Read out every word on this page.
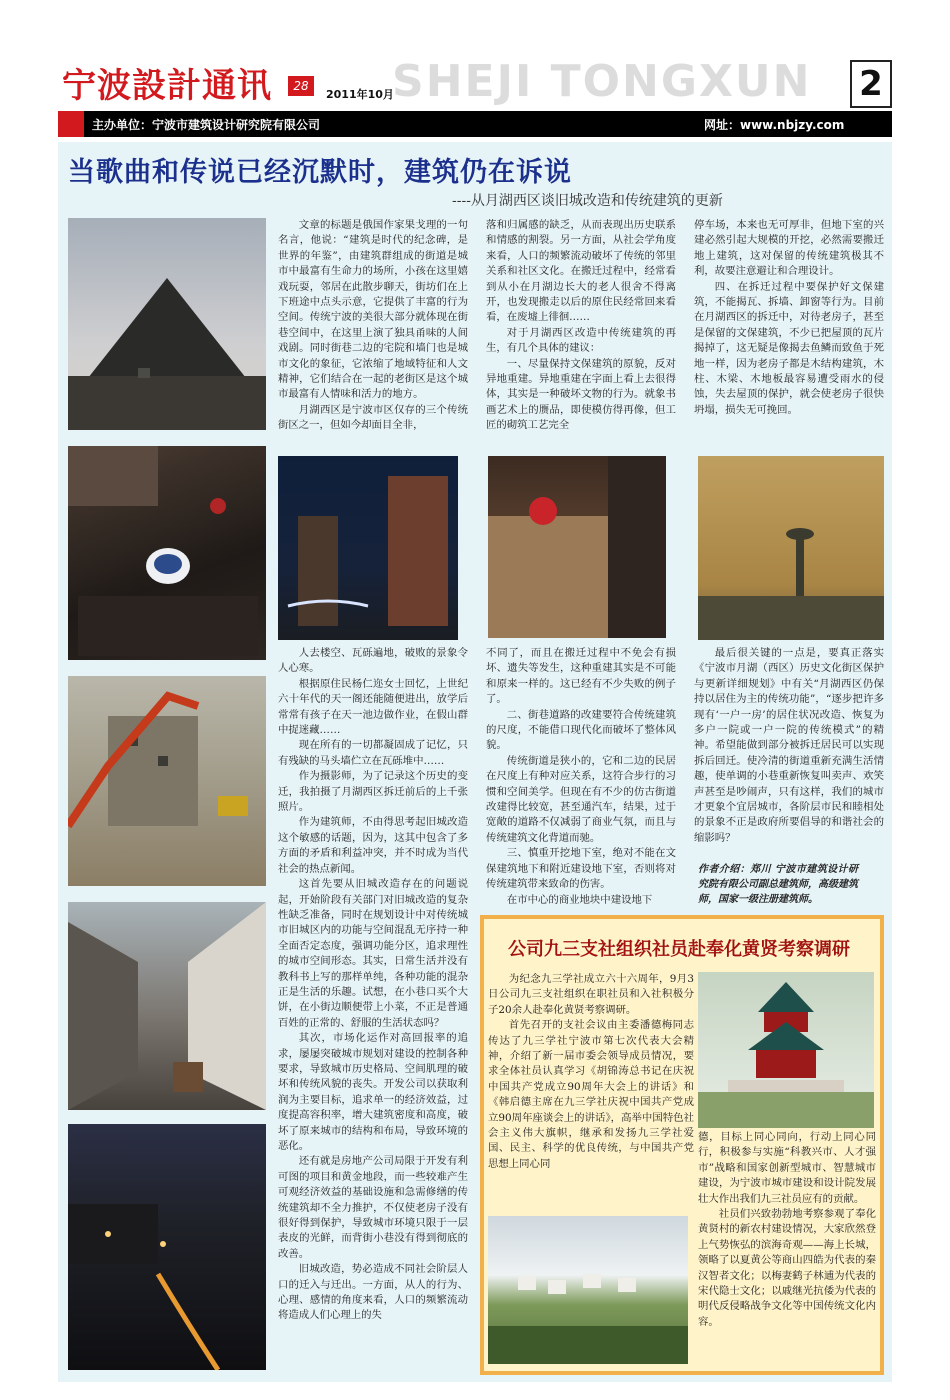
SHEJI TONGXUN
宁波設計通讯	28
2011年10月	2
主办单位：宁波市建筑设计研究院有限公司	网址：www.nbjzy.com
当歌曲和传说已经沉默时，建筑仍在诉说
----从月湖西区谈旧城改造和传统建筑的更新

文章的标题是俄国作家果戈理的一句名言，他说：“建筑是时代的纪念碑，是世界的年鉴”，由建筑群组成的街道是城市中最富有生命力的场所，小孩在这里嬉戏玩耍，邻居在此散步聊天，街坊们在上下班途中点头示意，它提供了丰富的行为空间。传统宁波的美很大部分就体现在街巷空间中，在这里上演了独具甬味的人间戏剧。同时街巷二边的宅院和墙门也是城市文化的象征，它浓缩了地域特征和人文精神，它们结合在一起的老街区是这个城市最富有人情味和活力的地方。

月湖西区是宁波市区仅存的三个传统街区之一，但如今却面目全非，

人去楼空、瓦砾遍地，破败的景象令人心寒。

根据原住民杨仁迩女士回忆，上世纪六十年代的天一阁还能随便进出，放学后常常有孩子在天一池边做作业，在假山群中捉迷藏……

现在所有的一切都凝固成了记忆，只有残缺的马头墙伫立在瓦砾堆中……

作为摄影师，为了记录这个历史的变迁，我拍摄了月湖西区拆迁前后的上千张照片。

作为建筑师，不由得思考起旧城改造这个敏感的话题，因为，这其中包含了多方面的矛盾和利益冲突，并不时成为当代社会的热点新闻。

这首先要从旧城改造存在的问题说起，开始阶段有关部门对旧城改造的复杂性缺乏准备，同时在规划设计中对传统城市旧城区内的功能与空间混乱无序持一种全面否定态度，强调功能分区，追求理性的城市空间形态。其实，日常生活并没有教科书上写的那样单纯，各种功能的混杂正是生活的乐趣。试想，在小巷口买个大饼，在小街边顺便带上小菜，不正是普通百姓的正常的、舒服的生活状态吗？

其次，市场化运作对高回报率的追求，屡屡突破城市规划对建设的控制各种要求，导致城市历史格局、空间肌理的破坏和传统风貌的丧失。开发公司以获取利润为主要目标，追求单一的经济效益，过度提高容积率，增大建筑密度和高度，破坏了原来城市的结构和布局，导致环境的恶化。

还有就是房地产公司局限于开发有利可图的项目和黄金地段，而一些较难产生可观经济效益的基础设施和急需修缮的传统建筑却不全力推护，不仅使老房子没有很好得到保护，导致城市环境只限于一层表皮的光鲜，而背街小巷没有得到彻底的改善。

旧城改造，势必造成不同社会阶层人口的迁入与迁出。一方面，从人的行为、心理、感情的角度来看，人口的频繁流动将造成人们心理上的失

落和归属感的缺乏，从而表现出历史联系和情感的割裂。另一方面，从社会学角度来看，人口的频繁流动破坏了传统的邻里关系和社区文化。在搬迁过程中，经常看到从小在月湖边长大的老人很舍不得离开，也发现搬走以后的原住民经常回来看看，在废墟上徘徊……

对于月湖西区改造中传统建筑的再生，有几个具体的建议：

一、尽量保持文保建筑的原貌，反对异地重建。异地重建在字面上看上去很得体，其实是一种破坏文物的行为。就象书画艺术上的赝品，即使模仿得再像，但工匠的砌筑工艺完全

不同了，而且在搬迁过程中不免会有损坏、遗失等发生，这种重建其实是不可能和原来一样的。这已经有不少失败的例子了。

二、街巷道路的改建要符合传统建筑的尺度，不能借口现代化而破坏了整体风貌。

传统街道是狭小的，它和二边的民居在尺度上有种对应关系，这符合步行的习惯和空间美学。但现在有不少的仿古街道改建得比较宽，甚至通汽车，结果，过于宽敞的道路不仅减弱了商业气氛，而且与传统建筑文化背道而驰。

三、慎重开挖地下室，绝对不能在文保建筑地下和附近建设地下室，否则将对传统建筑带来致命的伤害。

在市中心的商业地块中建设地下

停车场，本来也无可厚非，但地下室的兴建必然引起大规模的开挖，必然需要搬迁地上建筑，这对保留的传统建筑极其不利，故要注意避让和合理设计。

四、在拆迁过程中要保护好文保建筑，不能揭瓦、拆墙、卸窗等行为。目前在月湖西区的拆迁中，对待老房子，甚至是保留的文保建筑，不少已把屋顶的瓦片揭掉了，这无疑是像揭去鱼鳞而致鱼于死地一样，因为老房子都是木结构建筑，木柱、木梁、木地板最容易遭受雨水的侵蚀，失去屋顶的保护，就会使老房子很快坍塌，损失无可挽回。

最后很关键的一点是，要真正落实《宁波市月湖（西区）历史文化街区保护与更新详细规划》中有关“月湖西区仍保持以居住为主的传统功能”，“逐步把许多现有‘一户一房’的居住状况改造、恢复为多户一院或一户一院的传统模式”的精神。希望能做到部分被拆迁居民可以实现拆后回迁。使冷清的街道重新充满生活情趣，使单调的小巷重新恢复叫卖声、欢笑声甚至是吵闹声，只有这样，我们的城市才更象个宜居城市，各阶层市民和睦相处的景象不正是政府所要倡导的和谐社会的缩影吗？

作者介绍：郑川 宁波市建筑设计研究院有限公司副总建筑师，高级建筑师，国家一级注册建筑师。
公司九三支社组织社员赴奉化黄贤考察调研

为纪念九三学社成立六十六周年，9月3日公司九三支社组织在职社员和入社积极分子20余人赴奉化黄贤考察调研。

首先召开的支社会议由主委潘德梅同志传达了九三学社宁波市第七次代表大会精神，介绍了新一届市委会领导成员情况，要求全体社员认真学习《胡锦涛总书记在庆祝中国共产党成立90周年大会上的讲话》和《韩启德主席在九三学社庆祝中国共产党成立90周年座谈会上的讲话》，高举中国特色社会主义伟大旗帜，继承和发扬九三学社爱国、民主、科学的优良传统，与中国共产党思想上同心同

德，目标上同心同向，行动上同心同行，积极参与实施“科教兴市、人才强市”战略和国家创新型城市、智慧城市建设，为宁波市城市建设和设计院发展壮大作出我们九三社员应有的贡献。

社员们兴致勃勃地考察参观了奉化黄贤村的新农村建设情况，大家欣然登上气势恢弘的滨海奇观——海上长城，领略了以夏黄公等商山四皓为代表的秦汉智者文化；以梅妻鹤子林逋为代表的宋代隐士文化；以戚继光抗倭为代表的明代反侵略战争文化等中国传统文化内容。
